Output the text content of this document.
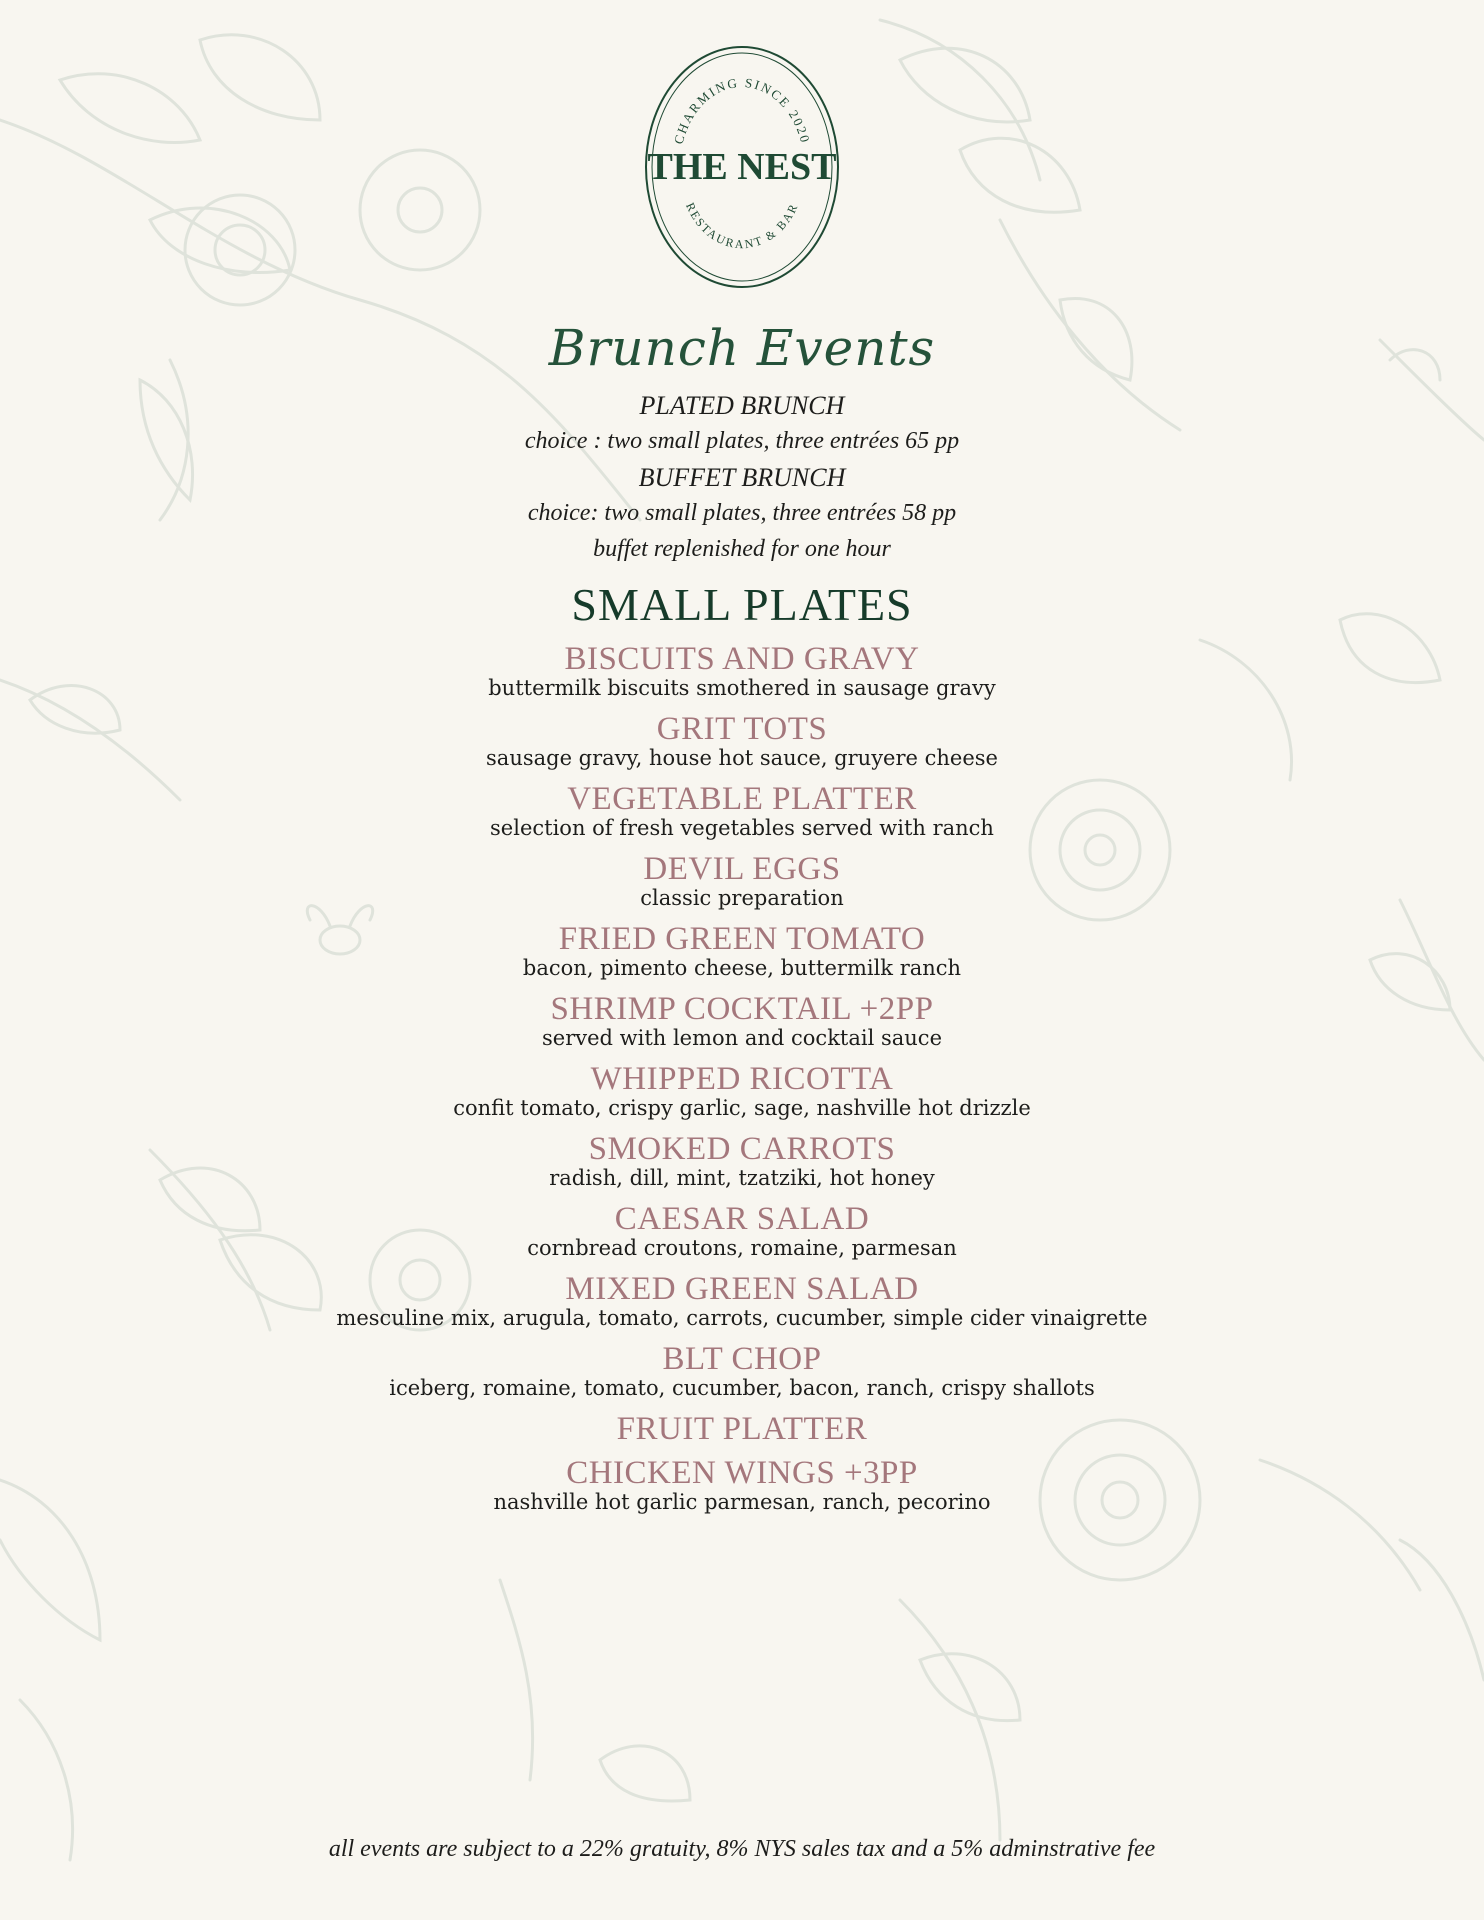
CHARMING SINCE 2020
THE NEST
RESTAURANT & BAR
Brunch Events
PLATED BRUNCH
choice : two small plates, three entrées 65 pp
BUFFET BRUNCH
choice: two small plates, three entrées 58 pp
buffet replenished for one hour
SMALL PLATES
BISCUITS AND GRAVY
buttermilk biscuits smothered in sausage gravy
GRIT TOTS
sausage gravy, house hot sauce, gruyere cheese
VEGETABLE PLATTER
selection of fresh vegetables served with ranch
DEVIL EGGS
classic preparation
FRIED GREEN TOMATO
bacon, pimento cheese, buttermilk ranch
SHRIMP COCKTAIL +2PP
served with lemon and cocktail sauce
WHIPPED RICOTTA
confit tomato, crispy garlic, sage, nashville hot drizzle
SMOKED CARROTS
radish, dill, mint, tzatziki, hot honey
CAESAR SALAD
cornbread croutons, romaine, parmesan
MIXED GREEN SALAD
mesculine mix, arugula, tomato, carrots, cucumber, simple cider vinaigrette
BLT CHOP
iceberg, romaine, tomato, cucumber, bacon, ranch, crispy shallots
FRUIT PLATTER
CHICKEN WINGS +3PP
nashville hot garlic parmesan, ranch, pecorino
all events are subject to a 22% gratuity, 8% NYS sales tax and a 5% adminstrative fee
